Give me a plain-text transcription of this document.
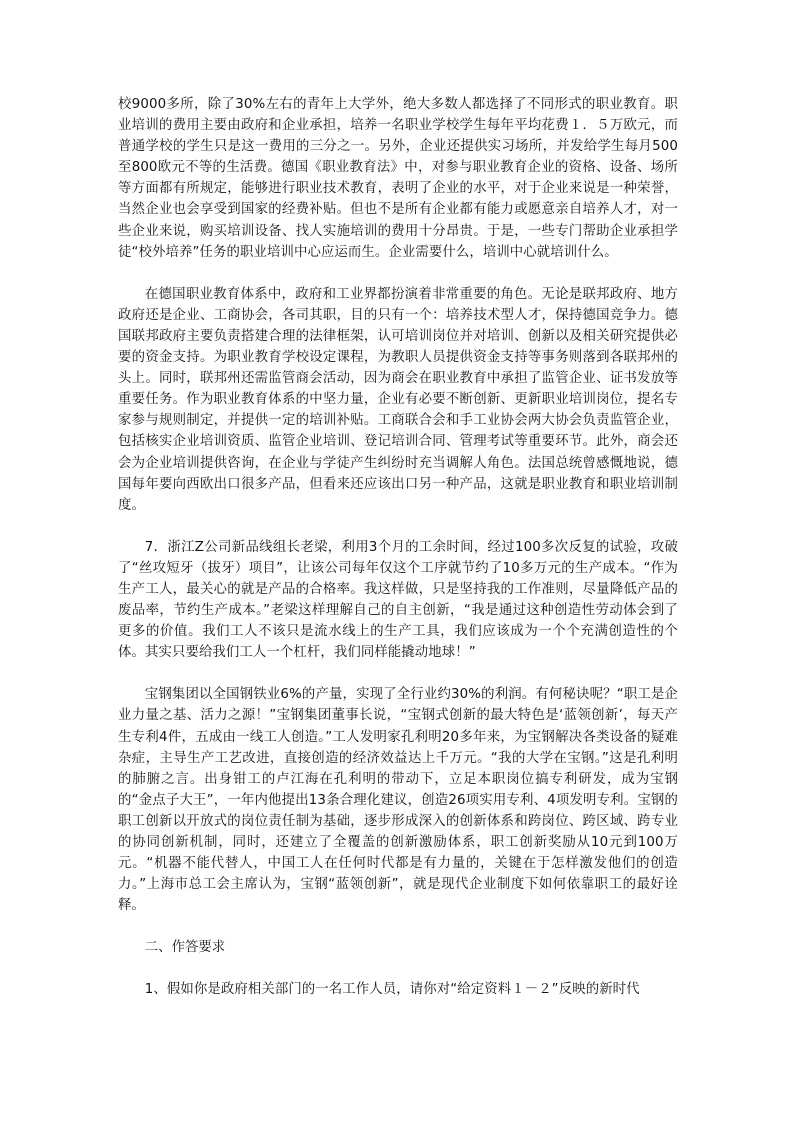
校9000多所，除了30%左右的青年上大学外，绝大多数人都选择了不同形式的职业教育。职业培训的费用主要由政府和企业承担，培养一名职业学校学生每年平均花费１．５万欧元，而普通学校的学生只是这一费用的三分之一。另外，企业还提供实习场所，并发给学生每月500至800欧元不等的生活费。德国《职业教育法》中，对参与职业教育企业的资格、设备、场所等方面都有所规定，能够进行职业技术教育，表明了企业的水平，对于企业来说是一种荣誉，当然企业也会享受到国家的经费补贴。但也不是所有企业都有能力或愿意亲自培养人才，对一些企业来说，购买培训设备、找人实施培训的费用十分昂贵。于是，一些专门帮助企业承担学徒“校外培养”任务的职业培训中心应运而生。企业需要什么，培训中心就培训什么。

在德国职业教育体系中，政府和工业界都扮演着非常重要的角色。无论是联邦政府、地方政府还是企业、工商协会，各司其职，目的只有一个：培养技术型人才，保持德国竞争力。德国联邦政府主要负责搭建合理的法律框架，认可培训岗位并对培训、创新以及相关研究提供必要的资金支持。为职业教育学校设定课程，为教职人员提供资金支持等事务则落到各联邦州的头上。同时，联邦州还需监管商会活动，因为商会在职业教育中承担了监管企业、证书发放等重要任务。作为职业教育体系的中坚力量，企业有必要不断创新、更新职业培训岗位，提名专家参与规则制定，并提供一定的培训补贴。工商联合会和手工业协会两大协会负责监管企业，包括核实企业培训资质、监管企业培训、登记培训合同、管理考试等重要环节。此外，商会还会为企业培训提供咨询，在企业与学徒产生纠纷时充当调解人角色。法国总统曾感慨地说，德国每年要向西欧出口很多产品，但看来还应该出口另一种产品，这就是职业教育和职业培训制度。

7．浙江Z公司新品线组长老梁，利用3个月的工余时间，经过100多次反复的试验，攻破了“丝攻短牙（拔牙）项目”，让该公司每年仅这个工序就节约了10多万元的生产成本。“作为生产工人，最关心的就是产品的合格率。我这样做，只是坚持我的工作准则，尽量降低产品的废品率，节约生产成本。”老梁这样理解自己的自主创新，“我是通过这种创造性劳动体会到了更多的价值。我们工人不该只是流水线上的生产工具，我们应该成为一个个充满创造性的个体。其实只要给我们工人一个杠杆，我们同样能撬动地球！”

宝钢集团以全国钢铁业6%的产量，实现了全行业约30%的利润。有何秘诀呢？“职工是企业力量之基、活力之源！”宝钢集团董事长说，“宝钢式创新的最大特色是‘蓝领创新’，每天产生专利4件，五成由一线工人创造。”工人发明家孔利明20多年来，为宝钢解决各类设备的疑难杂症，主导生产工艺改进，直接创造的经济效益达上千万元。“我的大学在宝钢。”这是孔利明的肺腑之言。出身钳工的卢江海在孔利明的带动下，立足本职岗位搞专利研发，成为宝钢的“金点子大王”，一年内他提出13条合理化建议，创造26项实用专利、4项发明专利。宝钢的职工创新以开放式的岗位责任制为基础，逐步形成深入的创新体系和跨岗位、跨区域、跨专业的协同创新机制，同时，还建立了全覆盖的创新激励体系，职工创新奖励从10元到100万元。“机器不能代替人，中国工人在任何时代都是有力量的，关键在于怎样激发他们的创造力。”上海市总工会主席认为，宝钢“蓝领创新”，就是现代企业制度下如何依靠职工的最好诠释。

二、作答要求

1、假如你是政府相关部门的一名工作人员，请你对“给定资料１－２”反映的新时代
